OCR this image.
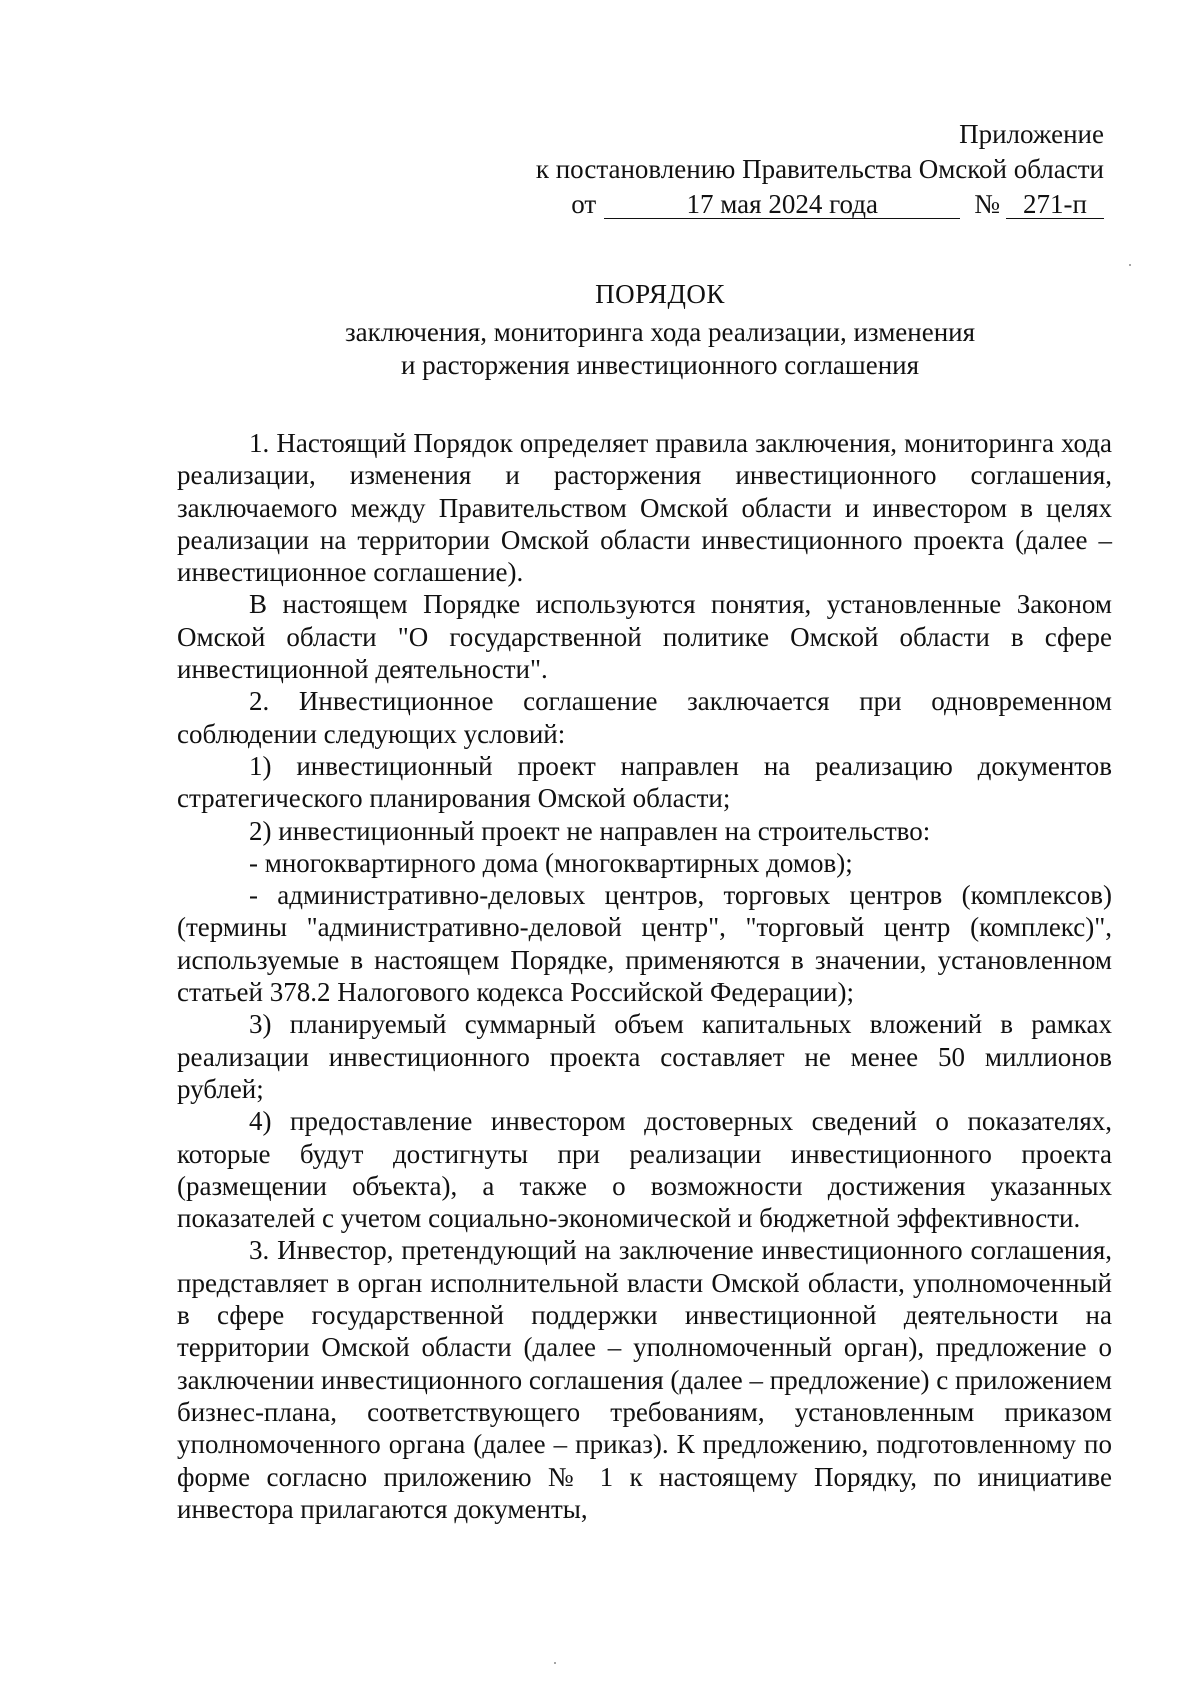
Приложение
к постановлению Правительства Омской области
от	17 мая 2024 года	№ 271-п
ПОРЯДОК
заключения, мониторинга хода реализации, изменения
и расторжения инвестиционного соглашения

1. Настоящий Порядок определяет правила заключения, мониторинга хода реализации, изменения и расторжения инвестиционного соглашения, заключаемого между Правительством Омской области и инвестором в целях реализации на территории Омской области инвестиционного проекта (далее – инвестиционное соглашение).

В настоящем Порядке используются понятия, установленные Законом Омской области "О государственной политике Омской области в сфере инвестиционной деятельности".

2. Инвестиционное соглашение заключается при одновременном соблюдении следующих условий:

1) инвестиционный проект направлен на реализацию документов стратегического планирования Омской области;

2) инвестиционный проект не направлен на строительство:

- многоквартирного дома (многоквартирных домов);

- административно-деловых центров, торговых центров (комплексов) (термины "административно-деловой центр", "торговый центр (комплекс)", используемые в настоящем Порядке, применяются в значении, установленном статьей 378.2 Налогового кодекса Российской Федерации);

3) планируемый суммарный объем капитальных вложений в рамках реализации инвестиционного проекта составляет не менее 50 миллионов рублей;

4) предоставление инвестором достоверных сведений о показателях, которые будут достигнуты при реализации инвестиционного проекта (размещении объекта), а также о возможности достижения указанных показателей с учетом социально-экономической и бюджетной эффективности.

3. Инвестор, претендующий на заключение инвестиционного соглашения, представляет в орган исполнительной власти Омской области, уполномоченный в сфере государственной поддержки инвестиционной деятельности на территории Омской области (далее – уполномоченный орган), предложение о заключении инвестиционного соглашения (далее – предложение) с приложением бизнес-плана, соответствующего требованиям, установленным приказом уполномоченного органа (далее – приказ). К предложению, подготовленному по форме согласно приложению № 1 к настоящему Порядку, по инициативе инвестора прилагаются документы,
